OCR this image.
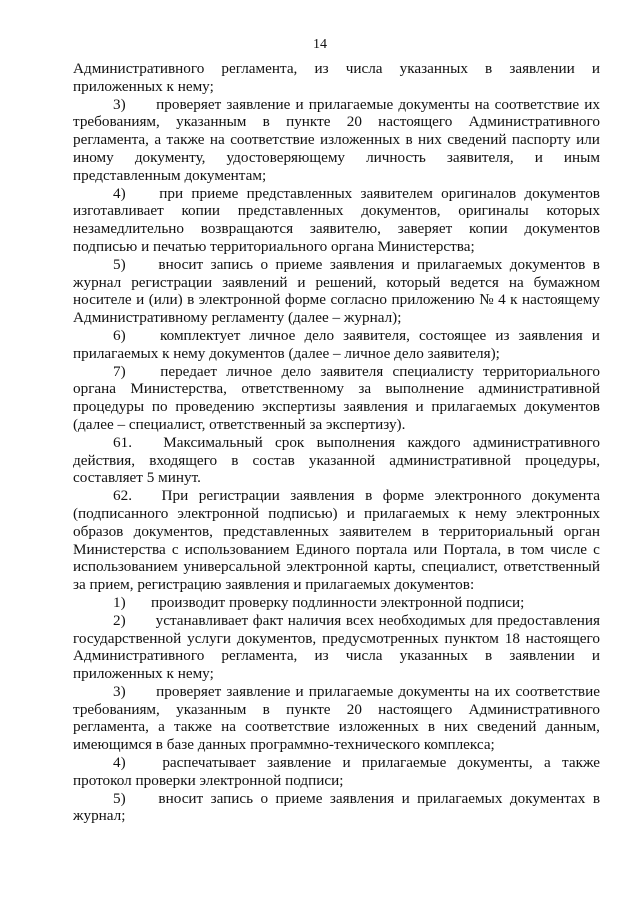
14
Административного регламента, из числа указанных в заявлении и
приложенных к нему;
3)	проверяет заявление и прилагаемые документы на соответствие их
требованиям, указанным в пункте 20 настоящего Административного
регламента, а также на соответствие изложенных в них сведений паспорту или
иному документу, удостоверяющему личность заявителя, и иным
представленным документам;
4)	при приеме представленных заявителем оригиналов документов
изготавливает копии представленных документов, оригиналы которых
незамедлительно возвращаются заявителю, заверяет копии документов
подписью и печатью территориального органа Министерства;
5)	вносит запись о приеме заявления и прилагаемых документов в
журнал регистрации заявлений и решений, который ведется на бумажном
носителе и (или) в электронной форме согласно приложению № 4 к настоящему
Административному регламенту (далее – журнал);
6)	комплектует личное дело заявителя, состоящее из заявления и
прилагаемых к нему документов (далее – личное дело заявителя);
7)	передает личное дело заявителя специалисту территориального
органа Министерства, ответственному за выполнение административной
процедуры по проведению экспертизы заявления и прилагаемых документов
(далее – специалист, ответственный за экспертизу).
61.	Максимальный срок выполнения каждого административного
действия, входящего в состав указанной административной процедуры,
составляет 5 минут.
62.	При регистрации заявления в форме электронного документа
(подписанного электронной подписью) и прилагаемых к нему электронных
образов документов, представленных заявителем в территориальный орган
Министерства с использованием Единого портала или Портала, в том числе с
использованием универсальной электронной карты, специалист, ответственный
за прием, регистрацию заявления и прилагаемых документов:
1) производит проверку подлинности электронной подписи;
2)	устанавливает факт наличия всех необходимых для предоставления
государственной услуги документов, предусмотренных пунктом 18 настоящего
Административного регламента, из числа указанных в заявлении и
приложенных к нему;
3)	проверяет заявление и прилагаемые документы на их соответствие
требованиям, указанным в пункте 20 настоящего Административного
регламента, а также на соответствие изложенных в них сведений данным,
имеющимся в базе данных программно-технического комплекса;
4)	распечатывает заявление и прилагаемые документы, а также
протокол проверки электронной подписи;
5)	вносит запись о приеме заявления и прилагаемых документах в
журнал;
